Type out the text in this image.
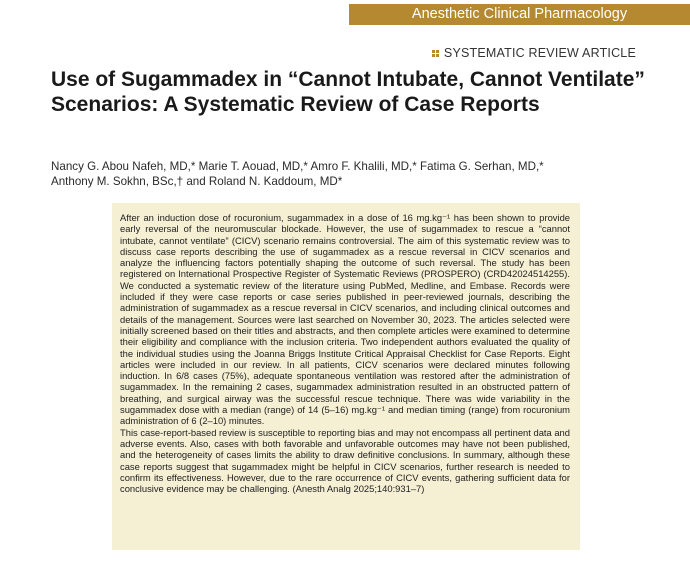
Anesthetic Clinical Pharmacology
SYSTEMATIC REVIEW ARTICLE
Use of Sugammadex in “Cannot Intubate, Cannot Ventilate” Scenarios: A Systematic Review of Case Reports
Nancy G. Abou Nafeh, MD,* Marie T. Aouad, MD,* Amro F. Khalili, MD,* Fatima G. Serhan, MD,*
Anthony M. Sokhn, BSc,† and Roland N. Kaddoum, MD*

After an induction dose of rocuronium, sugammadex in a dose of 16 mg.kg⁻¹ has been shown to provide early reversal of the neuromuscular blockade. However, the use of sugammadex to rescue a “cannot intubate, cannot ventilate” (CICV) scenario remains controversial. The aim of this systematic review was to discuss case reports describing the use of sugammadex as a rescue reversal in CICV scenarios and analyze the influencing factors potentially shaping the outcome of such reversal. The study has been registered on International Prospective Register of Systematic Reviews (PROSPERO) (CRD42024514255). We conducted a systematic review of the literature using PubMed, Medline, and Embase. Records were included if they were case reports or case series published in peer-reviewed journals, describing the administration of sugammadex as a rescue reversal in CICV scenarios, and including clinical outcomes and details of the management. Sources were last searched on November 30, 2023. The articles selected were initially screened based on their titles and abstracts, and then complete articles were examined to determine their eligibility and compliance with the inclusion criteria. Two independent authors evaluated the quality of the individual studies using the Joanna Briggs Institute Critical Appraisal Checklist for Case Reports. Eight articles were included in our review. In all patients, CICV scenarios were declared minutes following induction. In 6/8 cases (75%), adequate spontaneous ventilation was restored after the administration of sugammadex. In the remaining 2 cases, sugammadex administration resulted in an obstructed pattern of breathing, and surgical airway was the successful rescue technique. There was wide variability in the sugammadex dose with a median (range) of 14 (5–16) mg.kg⁻¹ and median timing (range) from rocuronium administration of 6 (2–10) minutes.

This case-report-based review is susceptible to reporting bias and may not encompass all pertinent data and adverse events. Also, cases with both favorable and unfavorable outcomes may have not been published, and the heterogeneity of cases limits the ability to draw definitive conclusions. In summary, although these case reports suggest that sugammadex might be helpful in CICV scenarios, further research is needed to confirm its effectiveness. However, due to the rare occurrence of CICV events, gathering sufficient data for conclusive evidence may be challenging. (Anesth Analg 2025;140:931–7)
